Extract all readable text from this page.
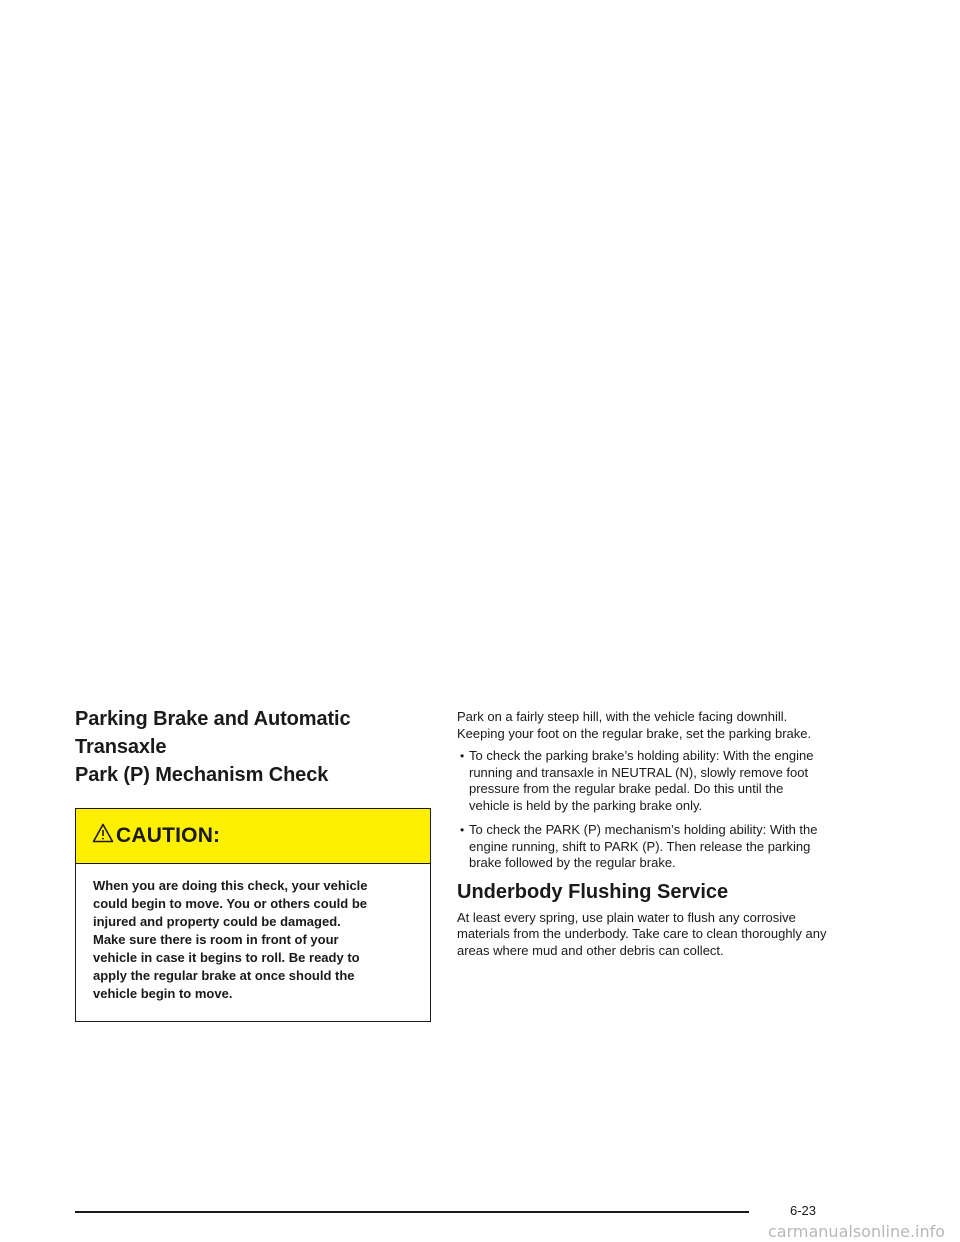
Parking Brake and Automatic Transaxle
Park (P) Mechanism Check
CAUTION:
When you are doing this check, your vehicle
could begin to move. You or others could be
injured and property could be damaged.
Make sure there is room in front of your
vehicle in case it begins to roll. Be ready to
apply the regular brake at once should the
vehicle begin to move.

Park on a fairly steep hill, with the vehicle facing downhill. Keeping your foot on the regular brake, set the parking brake.

• To check the parking brake’s holding ability: With the engine running and transaxle in NEUTRAL (N), slowly remove foot pressure from the regular brake pedal. Do this until the vehicle is held by the parking brake only.
• To check the PARK (P) mechanism’s holding ability: With the engine running, shift to PARK (P). Then release the parking brake followed by the regular brake.
Underbody Flushing Service

At least every spring, use plain water to flush any corrosive materials from the underbody. Take care to clean thoroughly any areas where mud and other debris can collect.

6-23
carmanualsonline.info
